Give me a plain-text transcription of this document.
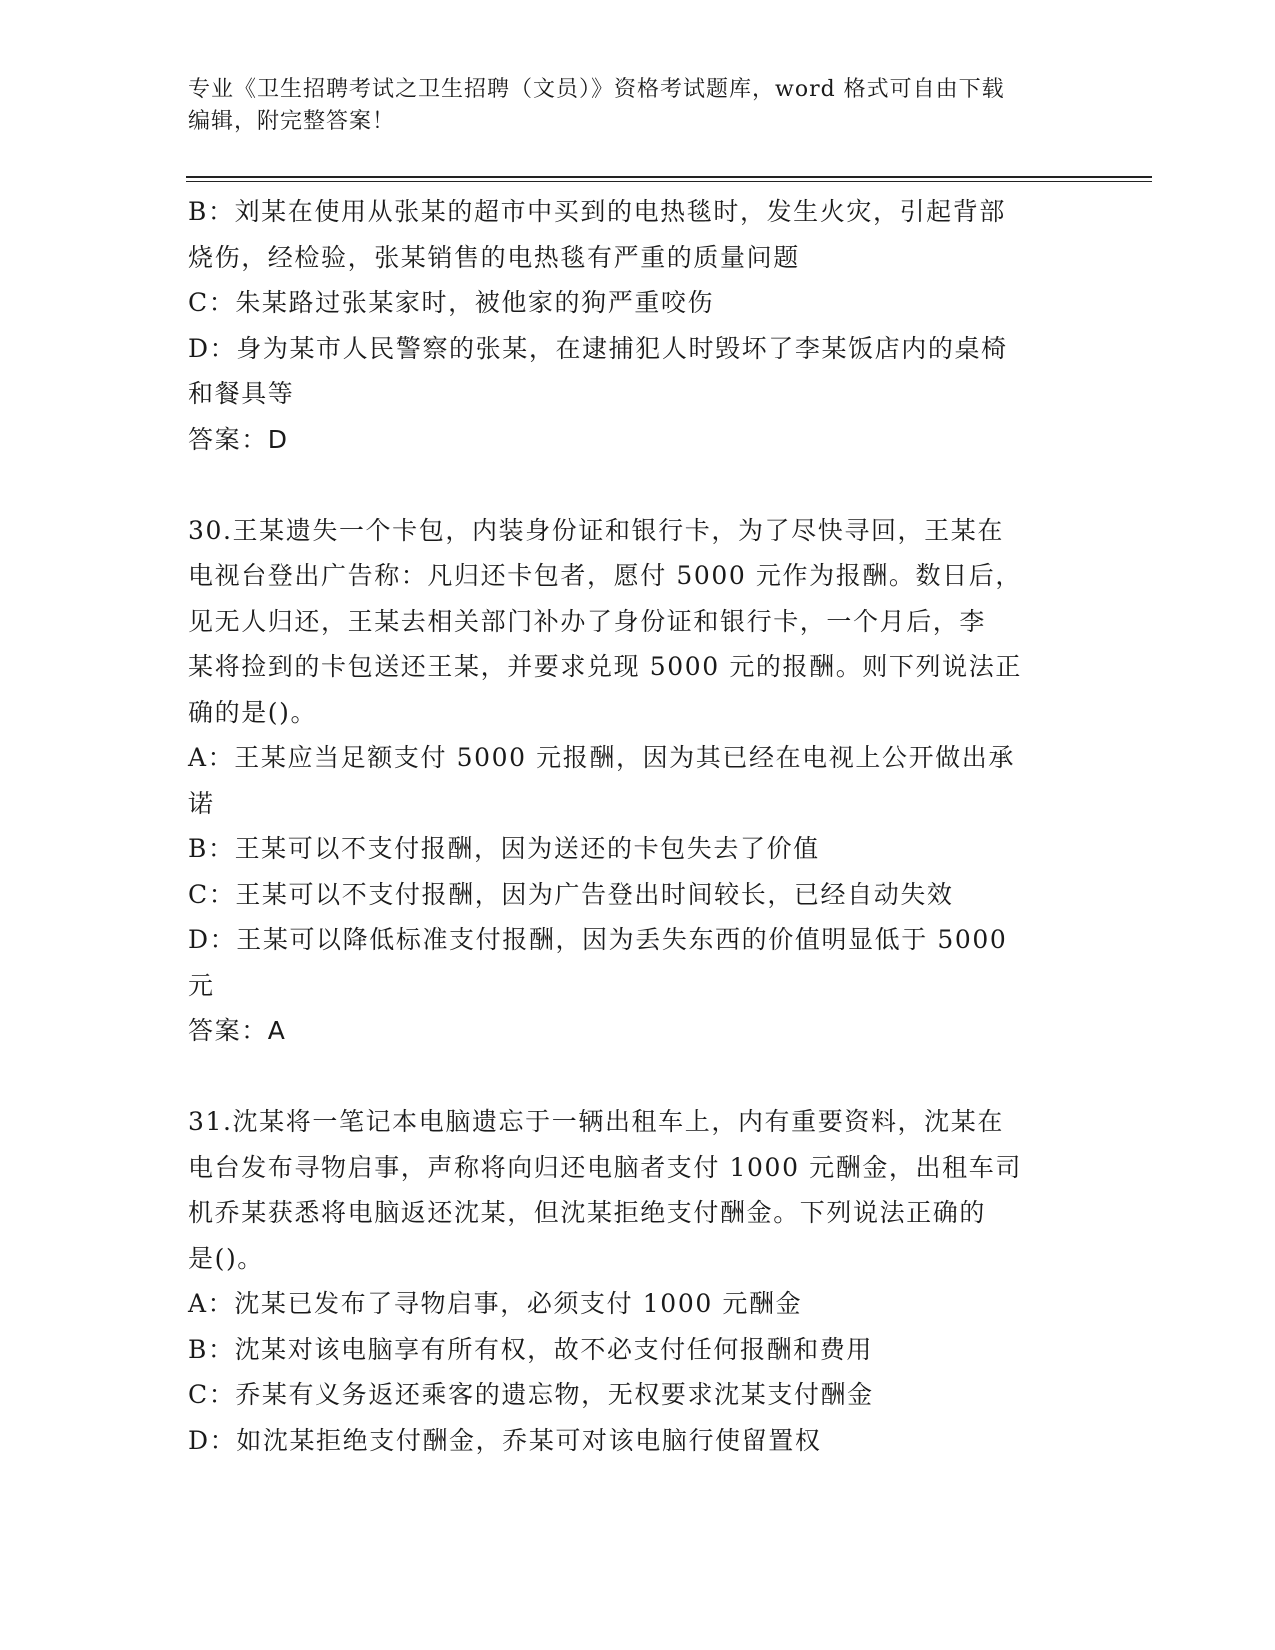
专业《卫生招聘考试之卫生招聘（文员）》资格考试题库，word 格式可自由下载
编辑，附完整答案！
B：刘某在使用从张某的超市中买到的电热毯时，发生火灾，引起背部
烧伤，经检验，张某销售的电热毯有严重的质量问题
C：朱某路过张某家时，被他家的狗严重咬伤
D：身为某市人民警察的张某，在逮捕犯人时毁坏了李某饭店内的桌椅
和餐具等
答案：D
30.王某遗失一个卡包，内装身份证和银行卡，为了尽快寻回，王某在
电视台登出广告称：凡归还卡包者，愿付 5000 元作为报酬。数日后，
见无人归还，王某去相关部门补办了身份证和银行卡，一个月后，李
某将捡到的卡包送还王某，并要求兑现 5000 元的报酬。则下列说法正
确的是()。
A：王某应当足额支付 5000 元报酬，因为其已经在电视上公开做出承
诺
B：王某可以不支付报酬，因为送还的卡包失去了价值
C：王某可以不支付报酬，因为广告登出时间较长，已经自动失效
D：王某可以降低标准支付报酬，因为丢失东西的价值明显低于 5000
元
答案：A
31.沈某将一笔记本电脑遗忘于一辆出租车上，内有重要资料，沈某在
电台发布寻物启事，声称将向归还电脑者支付 1000 元酬金，出租车司
机乔某获悉将电脑返还沈某，但沈某拒绝支付酬金。下列说法正确的
是()。
A：沈某已发布了寻物启事，必须支付 1000 元酬金
B：沈某对该电脑享有所有权，故不必支付任何报酬和费用
C：乔某有义务返还乘客的遗忘物，无权要求沈某支付酬金
D：如沈某拒绝支付酬金，乔某可对该电脑行使留置权
